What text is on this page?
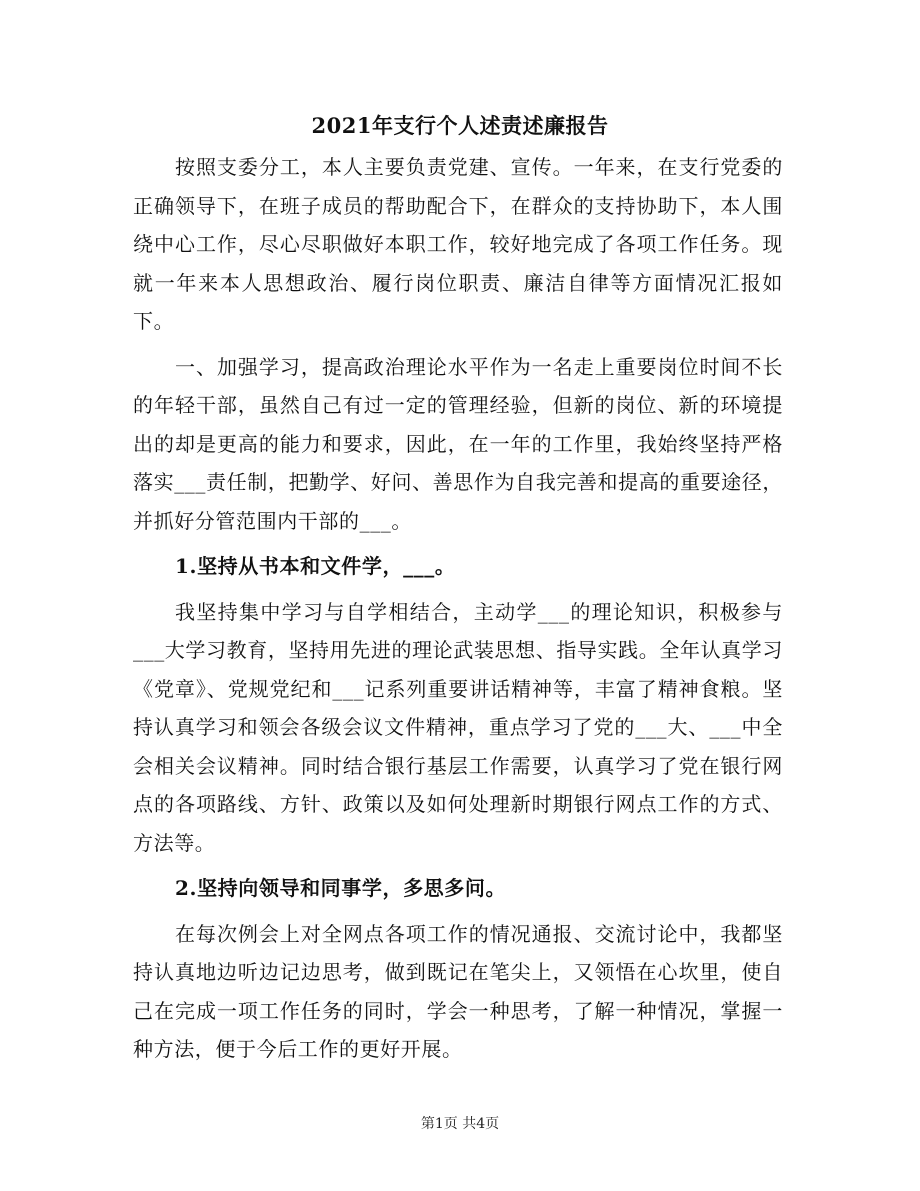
2021年支行个人述责述廉报告

按照支委分工，本人主要负责党建、宣传。一年来，在支行党委的正确领导下，在班子成员的帮助配合下，在群众的支持协助下，本人围绕中心工作，尽心尽职做好本职工作，较好地完成了各项工作任务。现就一年来本人思想政治、履行岗位职责、廉洁自律等方面情况汇报如下。

一、加强学习，提高政治理论水平作为一名走上重要岗位时间不长的年轻干部，虽然自己有过一定的管理经验，但新的岗位、新的环境提出的却是更高的能力和要求，因此，在一年的工作里，我始终坚持严格落实___责任制，把勤学、好问、善思作为自我完善和提高的重要途径，并抓好分管范围内干部的___。

1.坚持从书本和文件学，___。

我坚持集中学习与自学相结合，主动学___的理论知识，积极参与___大学习教育，坚持用先进的理论武装思想、指导实践。全年认真学习《党章》、党规党纪和___记系列重要讲话精神等，丰富了精神食粮。坚持认真学习和领会各级会议文件精神，重点学习了党的___大、___中全会相关会议精神。同时结合银行基层工作需要，认真学习了党在银行网点的各项路线、方针、政策以及如何处理新时期银行网点工作的方式、方法等。

2.坚持向领导和同事学，多思多问。

在每次例会上对全网点各项工作的情况通报、交流讨论中，我都坚持认真地边听边记边思考，做到既记在笔尖上，又领悟在心坎里，使自己在完成一项工作任务的同时，学会一种思考，了解一种情况，掌握一种方法，便于今后工作的更好开展。

第1页 共4页
